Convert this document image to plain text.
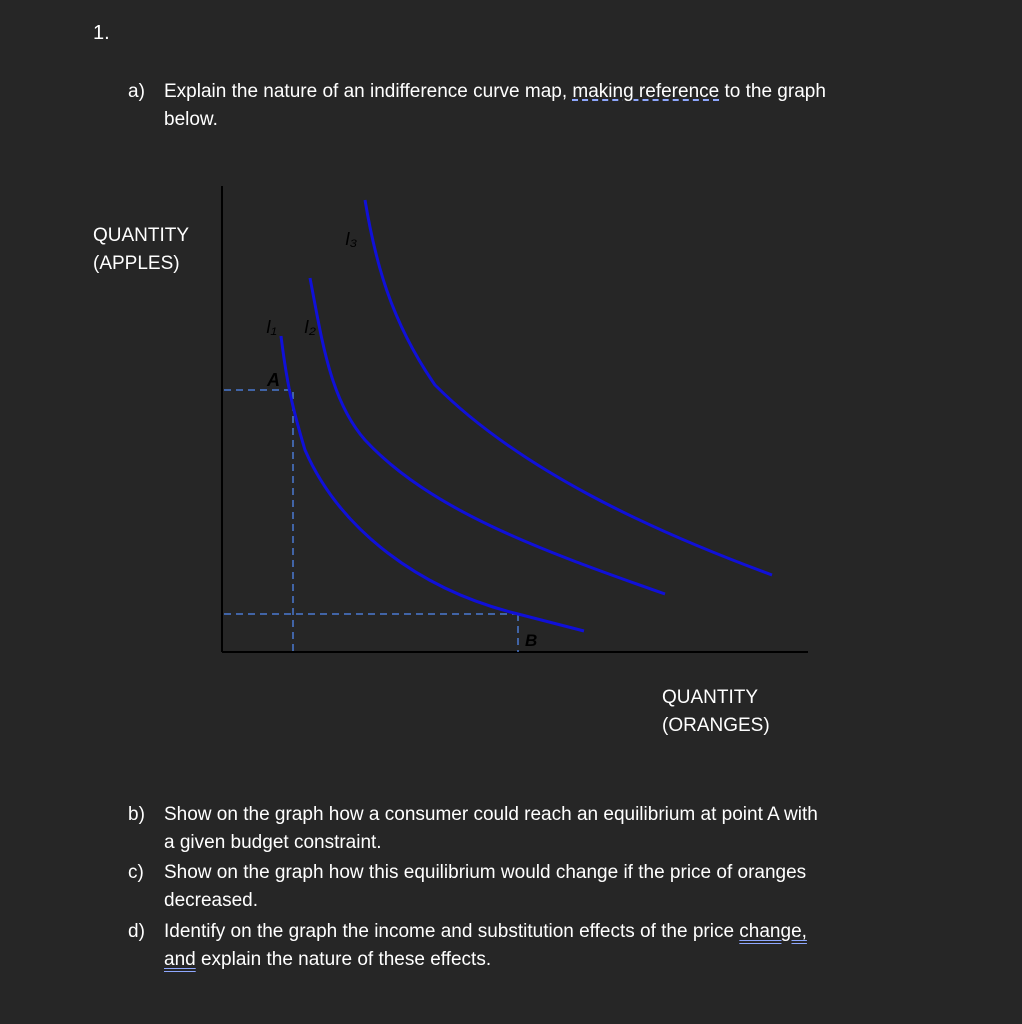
1.
a) Explain the nature of an indifference curve map, making reference to the graph
below.
QUANTITY
(APPLES)
I₁ I₂
I₃
A
B
QUANTITY
(ORANGES)
b) Show on the graph how a consumer could reach an equilibrium at point A with
a given budget constraint.
c) Show on the graph how this equilibrium would change if the price of oranges
decreased.
d) Identify on the graph the income and substitution effects of the price change,
and explain the nature of these effects.
